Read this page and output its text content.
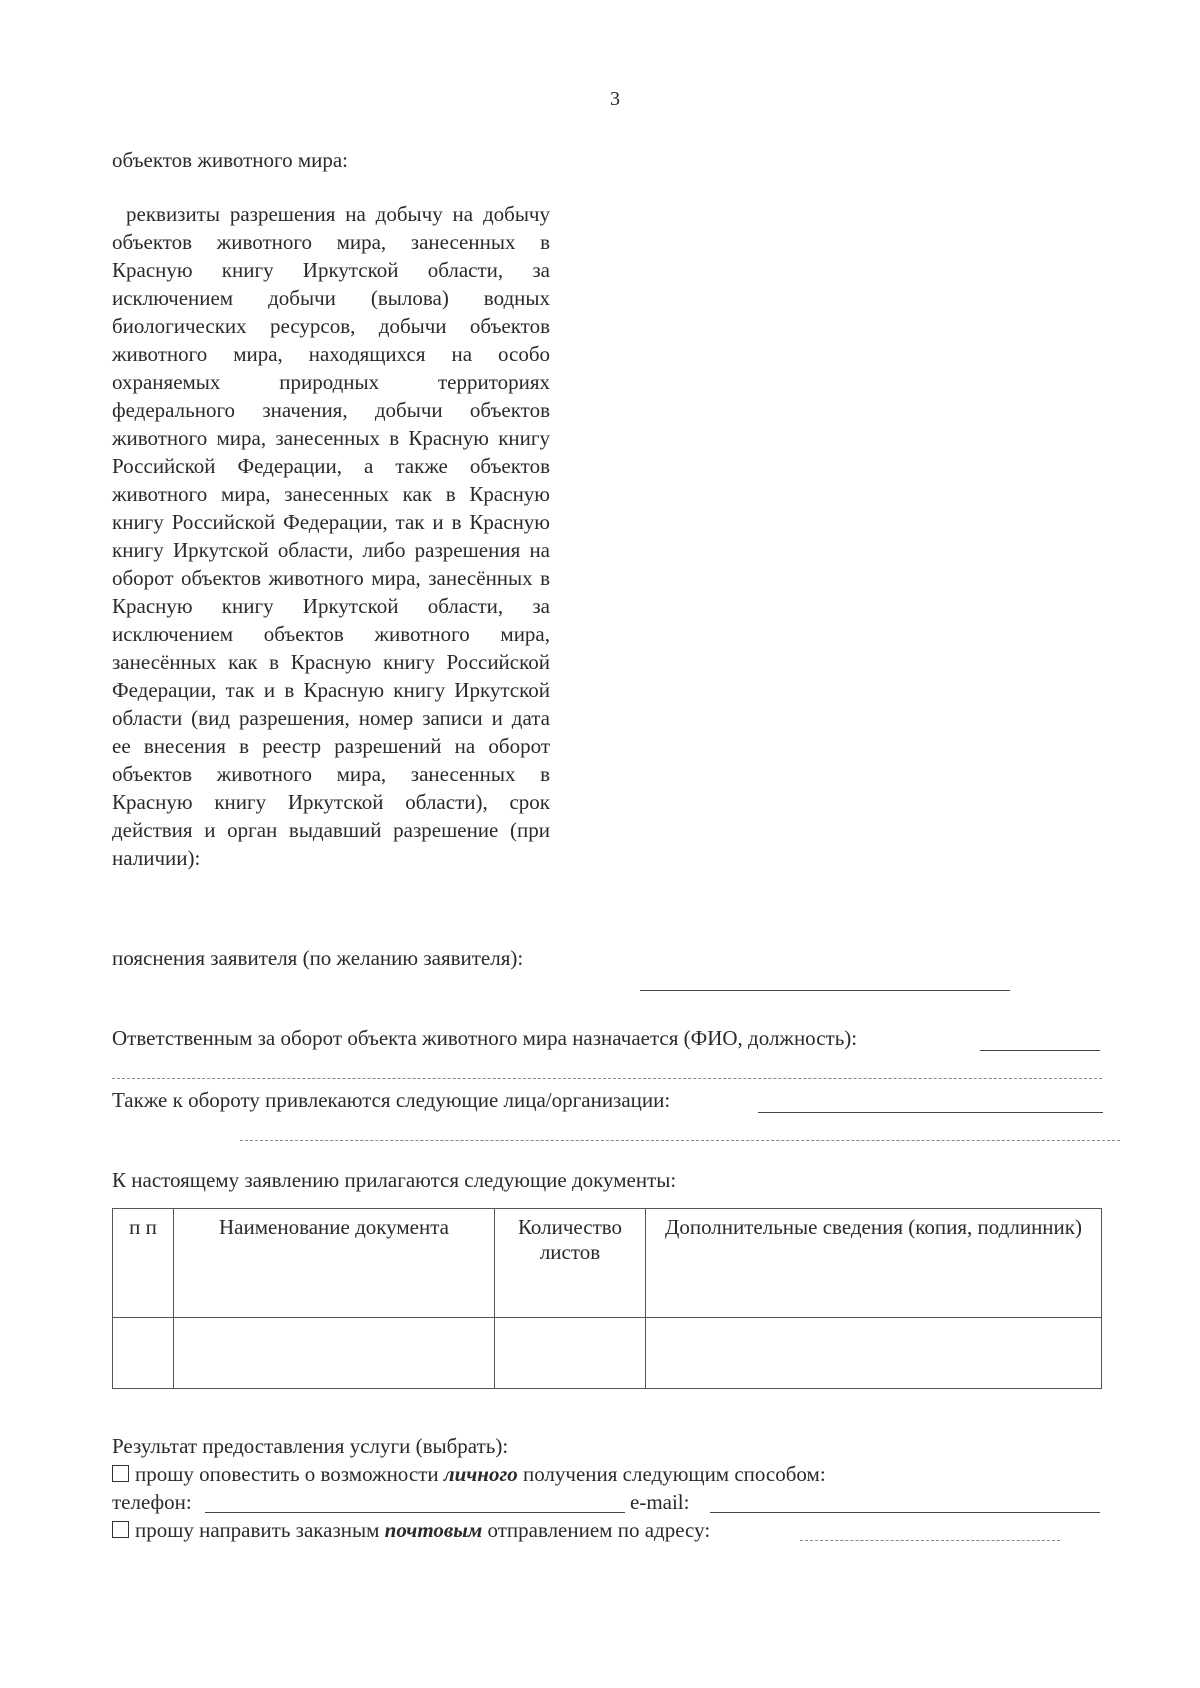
3
объектов животного мира:
реквизиты разрешения на добычу на добычу объектов животного мира, занесенных в Красную книгу Иркутской области, за исключением добычи (вылова) водных биологических ресурсов, добычи объектов животного мира, находящихся на особо охраняемых природных территориях федерального значения, добычи объектов животного мира, занесенных в Красную книгу Российской Федерации, а также объектов животного мира, занесенных как в Красную книгу Российской Федерации, так и в Красную книгу Иркутской области, либо разрешения на оборот объектов животного мира, занесённых в Красную книгу Иркутской области, за исключением объектов животного мира, занесённых как в Красную книгу Российской Федерации, так и в Красную книгу Иркутской области (вид разрешения, номер записи и дата ее внесения в реестр разрешений на оборот объектов животного мира, занесенных в Красную книгу Иркутской области), срок действия и орган выдавший разрешение (при наличии):
пояснения заявителя (по желанию заявителя):
Ответственным за оборот объекта животного мира назначается (ФИО, должность):
Также к обороту привлекаются следующие лица/организации:
К настоящему заявлению прилагаются следующие документы:
п п	Наименование документа	Количество листов	Дополнительные сведения (копия, подлинник)

Результат предоставления услуги (выбрать):
прошу оповестить о возможности личного получения следующим способом:
телефон:	e-mail:
прошу направить заказным почтовым отправлением по адресу:
